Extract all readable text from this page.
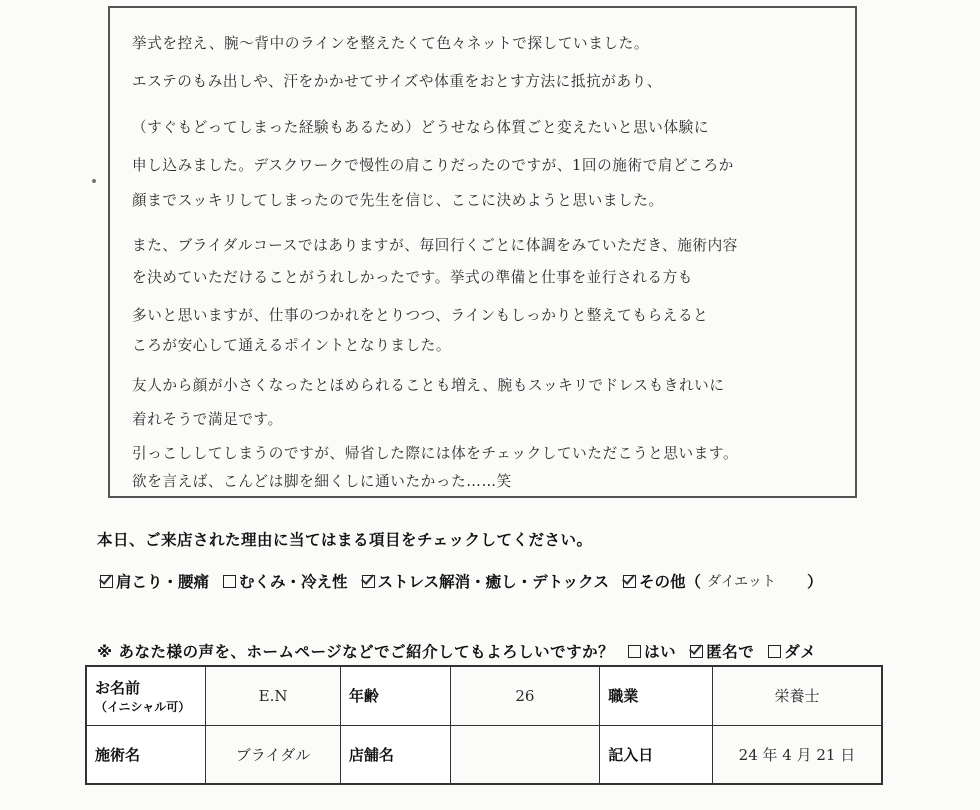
挙式を控え、腕～背中のラインを整えたくて色々ネットで探していました。
エステのもみ出しや、汗をかかせてサイズや体重をおとす方法に抵抗があり、
（すぐもどってしまった経験もあるため）どうせなら体質ごと変えたいと思い体験に
申し込みました。デスクワークで慢性の肩こりだったのですが、1回の施術で肩どころか
顔までスッキリしてしまったので先生を信じ、ここに決めようと思いました。
また、ブライダルコースではありますが、毎回行くごとに体調をみていただき、施術内容
を決めていただけることがうれしかったです。挙式の準備と仕事を並行される方も
多いと思いますが、仕事のつかれをとりつつ、ラインもしっかりと整えてもらえると
ころが安心して通えるポイントとなりました。
友人から顔が小さくなったとほめられることも増え、腕もスッキリでドレスもきれいに
着れそうで満足です。
引っこししてしまうのですが、帰省した際には体をチェックしていただこうと思います。
欲を言えば、こんどは脚を細くしに通いたかった……笑
本日、ご来店された理由に当てはまる項目をチェックしてください。
肩こり・腰痛 むくみ・冷え性 ストレス解消・癒し・デトックス その他 （ ダイエット	）
※ あなた様の声を、ホームページなどでご紹介してもよろしいですか？ はい 匿名で ダメ
お名前
（イニシャル可）	E.N	年齢	26	職業	栄養士
施術名	ブライダル	店舗名		記入日	24 年 4 月 21 日
